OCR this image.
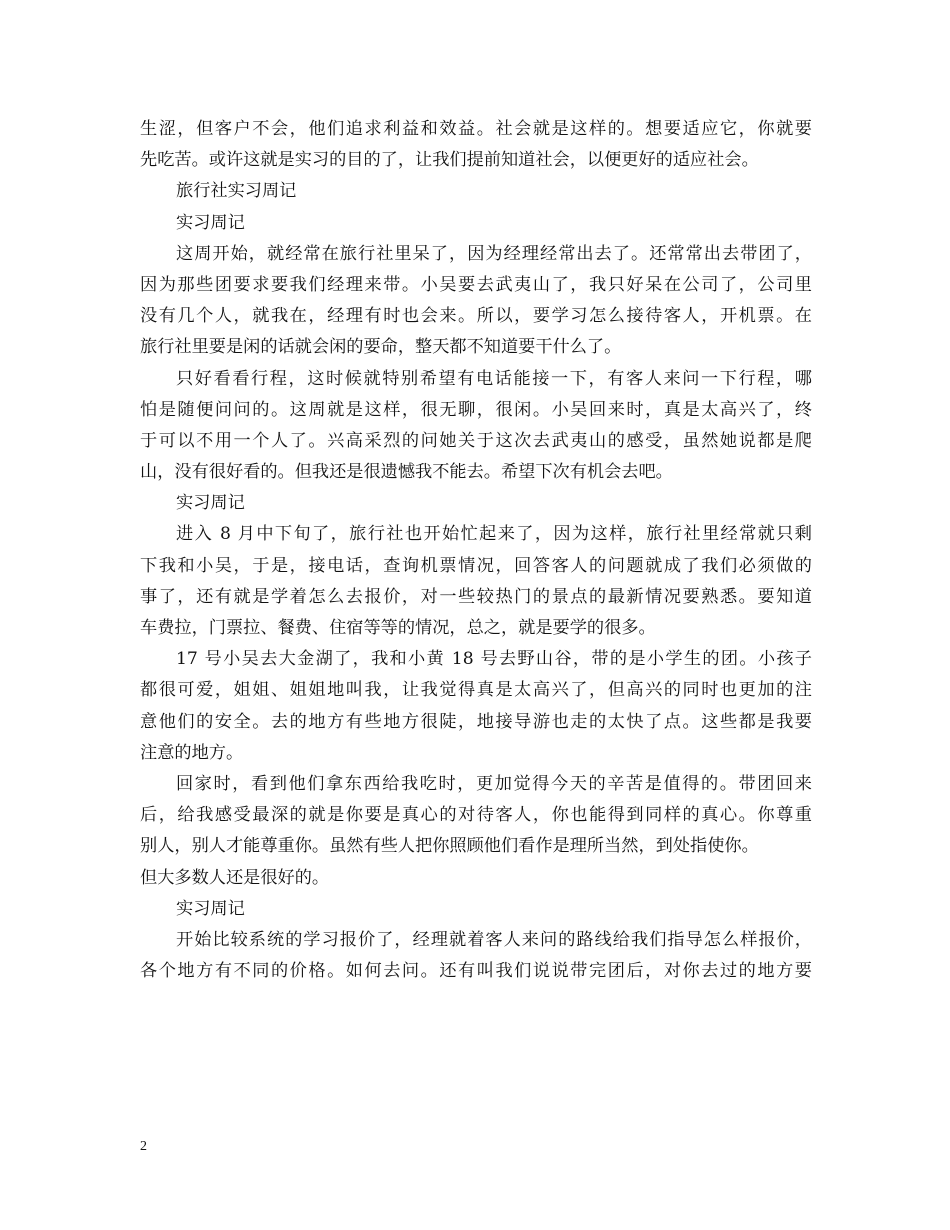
生涩，但客户不会，他们追求利益和效益。社会就是这样的。想要适应它，你就要
先吃苦。或许这就是实习的目的了，让我们提前知道社会，以便更好的适应社会。
旅行社实习周记
实习周记
这周开始，就经常在旅行社里呆了，因为经理经常出去了。还常常出去带团了，
因为那些团要求要我们经理来带。小吴要去武夷山了，我只好呆在公司了，公司里
没有几个人，就我在，经理有时也会来。所以，要学习怎么接待客人，开机票。在
旅行社里要是闲的话就会闲的要命，整天都不知道要干什么了。
只好看看行程，这时候就特别希望有电话能接一下，有客人来问一下行程，哪
怕是随便问问的。这周就是这样，很无聊，很闲。小吴回来时，真是太高兴了，终
于可以不用一个人了。兴高采烈的问她关于这次去武夷山的感受，虽然她说都是爬
山，没有很好看的。但我还是很遗憾我不能去。希望下次有机会去吧。
实习周记
进入 8 月中下旬了，旅行社也开始忙起来了，因为这样，旅行社里经常就只剩
下我和小吴，于是，接电话，查询机票情况，回答客人的问题就成了我们必须做的
事了，还有就是学着怎么去报价，对一些较热门的景点的最新情况要熟悉。要知道
车费拉，门票拉、餐费、住宿等等的情况，总之，就是要学的很多。
17 号小吴去大金湖了，我和小黄 18 号去野山谷，带的是小学生的团。小孩子
都很可爱，姐姐、姐姐地叫我，让我觉得真是太高兴了，但高兴的同时也更加的注
意他们的安全。去的地方有些地方很陡，地接导游也走的太快了点。这些都是我要
注意的地方。
回家时，看到他们拿东西给我吃时，更加觉得今天的辛苦是值得的。带团回来
后，给我感受最深的就是你要是真心的对待客人，你也能得到同样的真心。你尊重
别人，别人才能尊重你。虽然有些人把你照顾他们看作是理所当然，到处指使你。
但大多数人还是很好的。
实习周记
开始比较系统的学习报价了，经理就着客人来问的路线给我们指导怎么样报价，
各个地方有不同的价格。如何去问。还有叫我们说说带完团后，对你去过的地方要
2
